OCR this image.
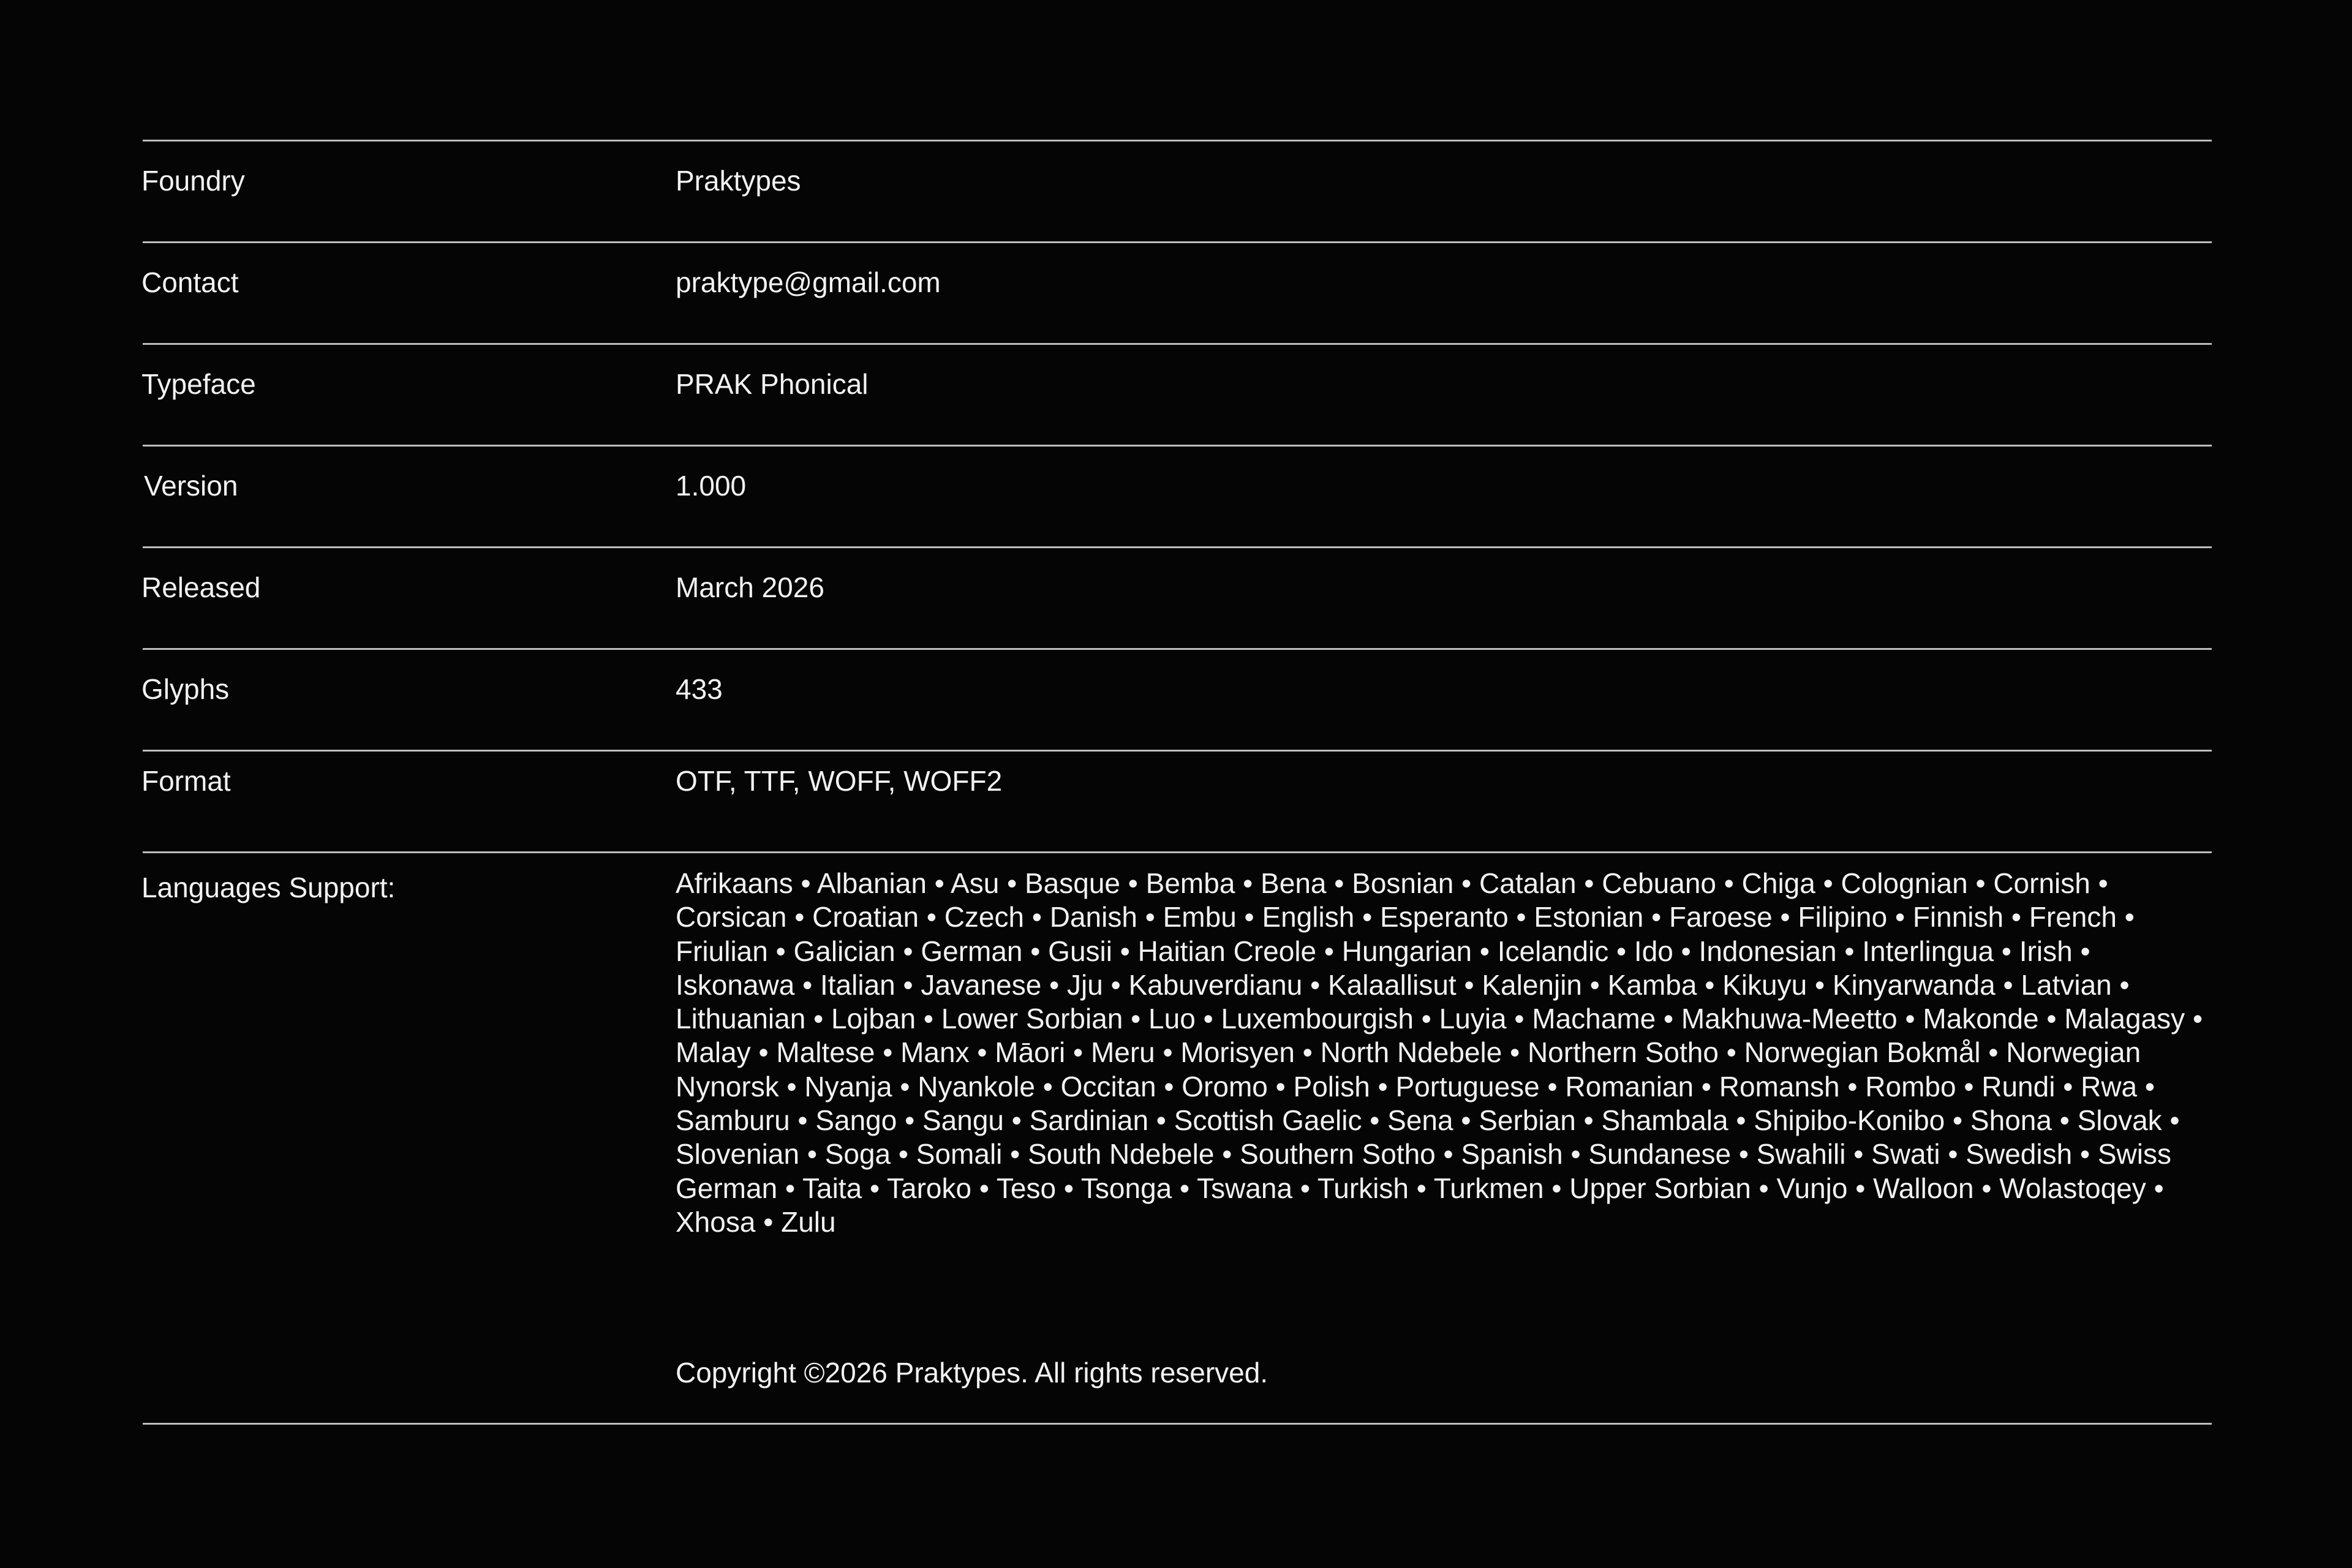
Foundry	Praktypes
Contact	praktype@gmail.com
Typeface	PRAK Phonical
Version	1.000
Released	March 2026
Glyphs	433
Format	OTF, TTF, WOFF, WOFF2
Languages Support:	Afrikaans • Albanian • Asu • Basque • Bemba • Bena • Bosnian • Catalan • Cebuano • Chiga • Colognian • Cornish • Corsican • Croatian • Czech • Danish • Embu • English • Esperanto • Estonian • Faroese • Filipino • Finnish • French • Friulian • Galician • German • Gusii • Haitian Creole • Hungarian • Icelandic • Ido • Indonesian • Interlingua • Irish • Iskonawa • Italian • Javanese • Jju • Kabuverdianu • Kalaallisut • Kalenjin • Kamba • Kikuyu • Kinyarwanda • Latvian • Lithuanian • Lojban • Lower Sorbian • Luo • Luxembourgish • Luyia • Machame • Makhuwa-Meetto • Makonde • Malagasy • Malay • Maltese • Manx • Māori • Meru • Morisyen • North Ndebele • Northern Sotho • Norwegian Bokmål • Norwegian Nynorsk • Nyanja • Nyankole • Occitan • Oromo • Polish • Portuguese • Romanian • Romansh • Rombo • Rundi • Rwa • Samburu • Sango • Sangu • Sardinian • Scottish Gaelic • Sena • Serbian • Shambala • Shipibo-Konibo • Shona • Slovak • Slovenian • Soga • Somali • South Ndebele • Southern Sotho • Spanish • Sundanese • Swahili • Swati • Swedish • Swiss German • Taita • Taroko • Teso • Tsonga • Tswana • Turkish • Turkmen • Upper Sorbian • Vunjo • Walloon • Wolastoqey • Xhosa • Zulu
Copyright ©2026 Praktypes. All rights reserved.
